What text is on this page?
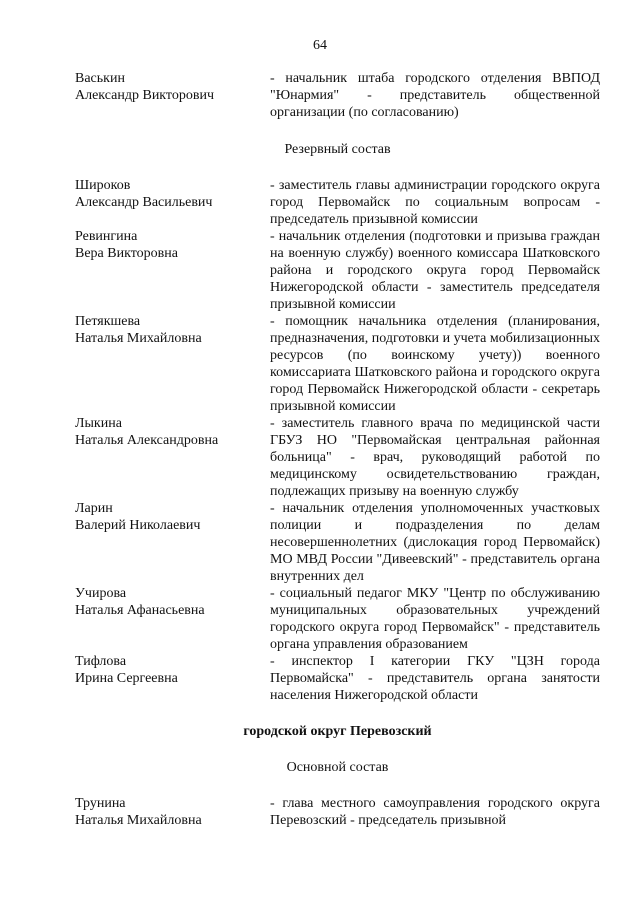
64
Васькин
Александр Викторович
- начальник штаба городского отделения ВВПОД "Юнармия" - представитель общественной организации (по согласованию)
Резервный состав
Широков
Александр Васильевич
- заместитель главы администрации городского округа город Первомайск по социальным вопросам - председатель призывной комиссии
Ревингина
Вера Викторовна
- начальник отделения (подготовки и призыва граждан на военную службу) военного комиссара Шатковского района и городского округа город Первомайск Нижегородской области - заместитель председателя призывной комиссии
Петякшева
Наталья Михайловна
- помощник начальника отделения (планирования, предназначения, подготовки и учета мобилизационных ресурсов (по воинскому учету)) военного комиссариата Шатковского района и городского округа город Первомайск Нижегородской области - секретарь призывной комиссии
Лыкина
Наталья Александровна
- заместитель главного врача по медицинской части ГБУЗ НО "Первомайская центральная районная больница" - врач, руководящий работой по медицинскому освидетельствованию граждан, подлежащих призыву на военную службу
Ларин
Валерий Николаевич
- начальник отделения уполномоченных участковых полиции и подразделения по делам несовершеннолетних (дислокация город Первомайск) МО МВД России "Дивеевский" - представитель органа внутренних дел
Учирова
Наталья Афанасьевна
- социальный педагог МКУ "Центр по обслуживанию муниципальных образовательных учреждений городского округа город Первомайск" - представитель органа управления образованием
Тифлова
Ирина Сергеевна
- инспектор I категории ГКУ "ЦЗН города Первомайска" - представитель органа занятости населения Нижегородской области
городской округ Перевозский
Основной состав
Трунина
Наталья Михайловна
- глава местного самоуправления городского округа Перевозский - председатель призывной
